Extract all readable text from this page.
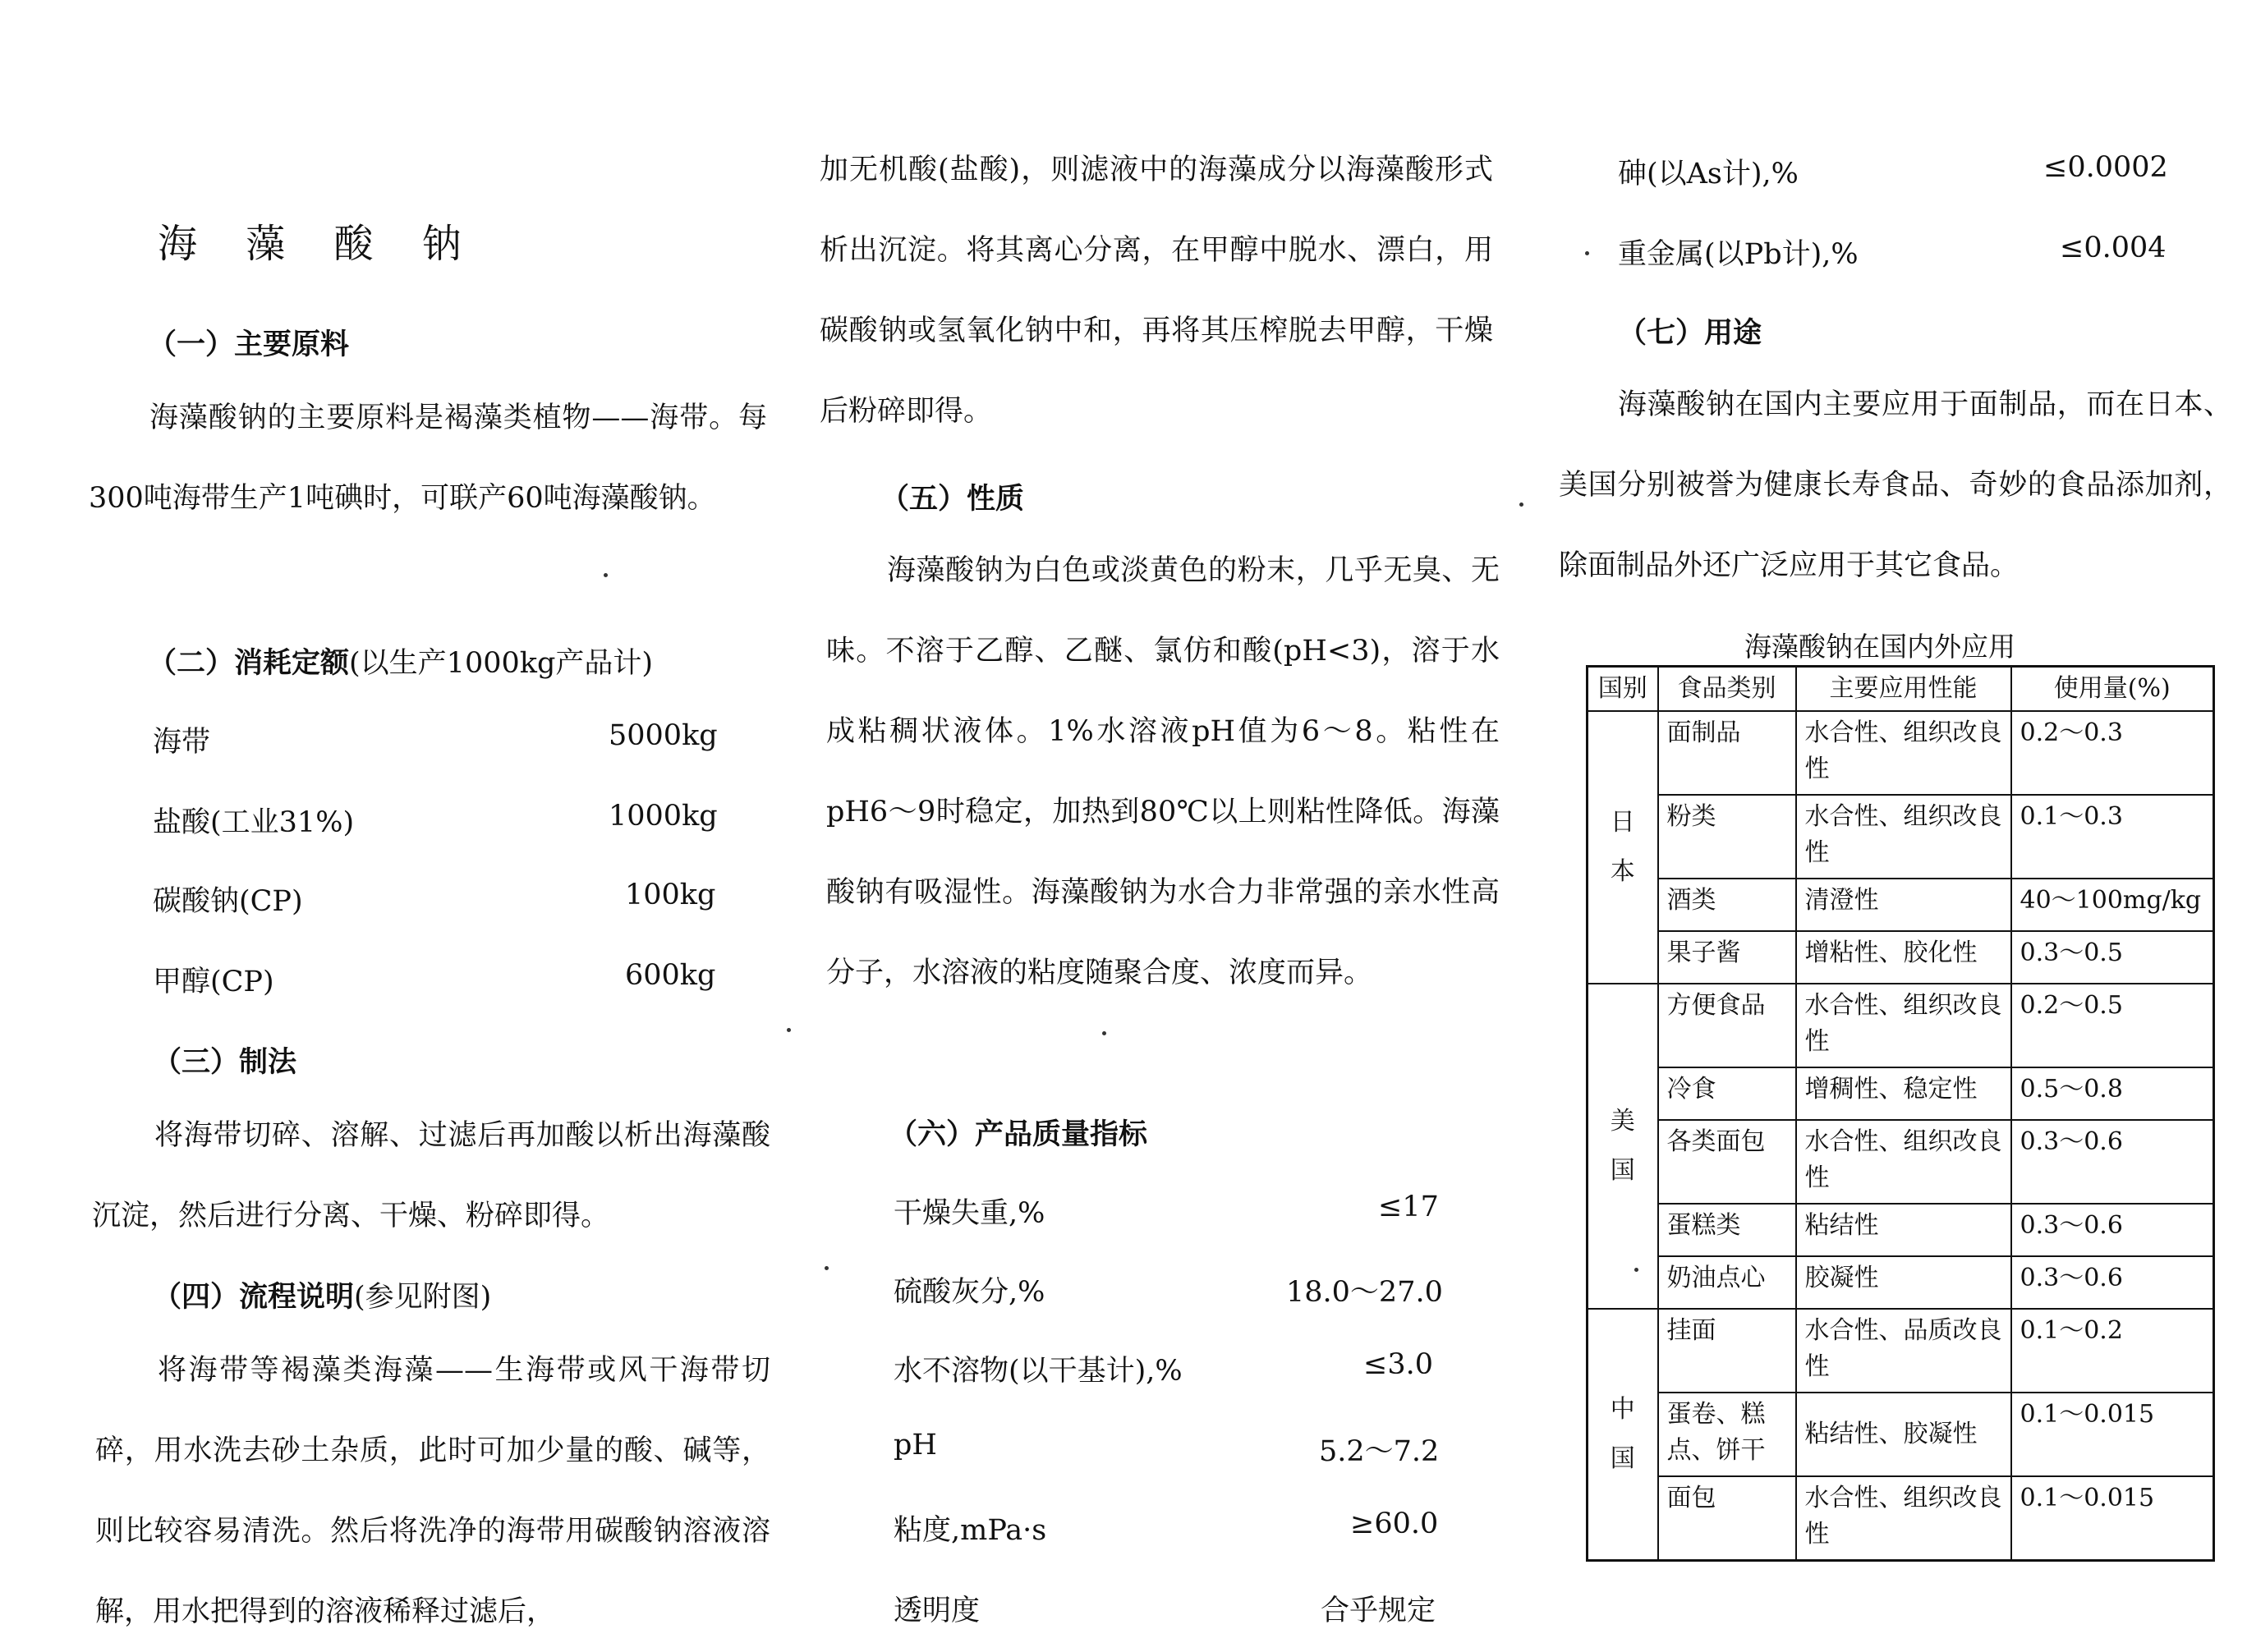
海 藻 酸 钠
（一）主要原料
海藻酸钠的主要原料是褐藻类植物——海带。每300吨海带生产1吨碘时，可联产60吨海藻酸钠。
（二）消耗定额(以生产1000kg产品计)
海带	5000kg
盐酸(工业31%)	1000kg
碳酸钠(CP)	100kg
甲醇(CP)	600kg
（三）制法
将海带切碎、溶解、过滤后再加酸以析出海藻酸沉淀，然后进行分离、干燥、粉碎即得。
（四）流程说明(参见附图)
将海带等褐藻类海藻——生海带或风干海带切碎，用水洗去砂土杂质，此时可加少量的酸、碱等，则比较容易清洗。然后将洗净的海带用碳酸钠溶液溶解，用水把得到的溶液稀释过滤后，
加无机酸(盐酸)，则滤液中的海藻成分以海藻酸形式析出沉淀。将其离心分离，在甲醇中脱水、漂白，用碳酸钠或氢氧化钠中和，再将其压榨脱去甲醇，干燥后粉碎即得。
（五）性质
海藻酸钠为白色或淡黄色的粉末，几乎无臭、无味。不溶于乙醇、乙醚、氯仿和酸(pH<3)，溶于水成粘稠状液体。1%水溶液pH值为6～8。粘性在pH6～9时稳定，加热到80℃以上则粘性降低。海藻酸钠有吸湿性。海藻酸钠为水合力非常强的亲水性高分子，水溶液的粘度随聚合度、浓度而异。
（六）产品质量指标
干燥失重,%	≤17
硫酸灰分,%	18.0～27.0
水不溶物(以干基计),%	≤3.0
pH	5.2～7.2
粘度,mPa·s	≥60.0
透明度	合乎规定
砷(以As计),%	≤0.0002
重金属(以Pb计),%	≤0.004
（七）用途
海藻酸钠在国内主要应用于面制品，而在日本、美国分别被誉为健康长寿食品、奇妙的食品添加剂，除面制品外还广泛应用于其它食品。
海藻酸钠在国内外应用
国别	食品类别	主要应用性能	使用量(%)

日本	面制品	水合性、组织改良性	0.2～0.3
	粉类	水合性、组织改良性	0.1～0.3
	酒类	清澄性	40～100mg/kg
	果子酱	增粘性、胶化性	0.3～0.5

美国	方便食品	水合性、组织改良性	0.2～0.5
	冷食	增稠性、稳定性	0.5～0.8
	各类面包	水合性、组织改良性	0.3～0.6
	蛋糕类	粘结性	0.3～0.6
	奶油点心	胶凝性	0.3～0.6

中国	挂面	水合性、品质改良性	0.1～0.2
	蛋卷、糕点、饼干	粘结性、胶凝性	0.1～0.015
	面包	水合性、组织改良性	0.1～0.015
